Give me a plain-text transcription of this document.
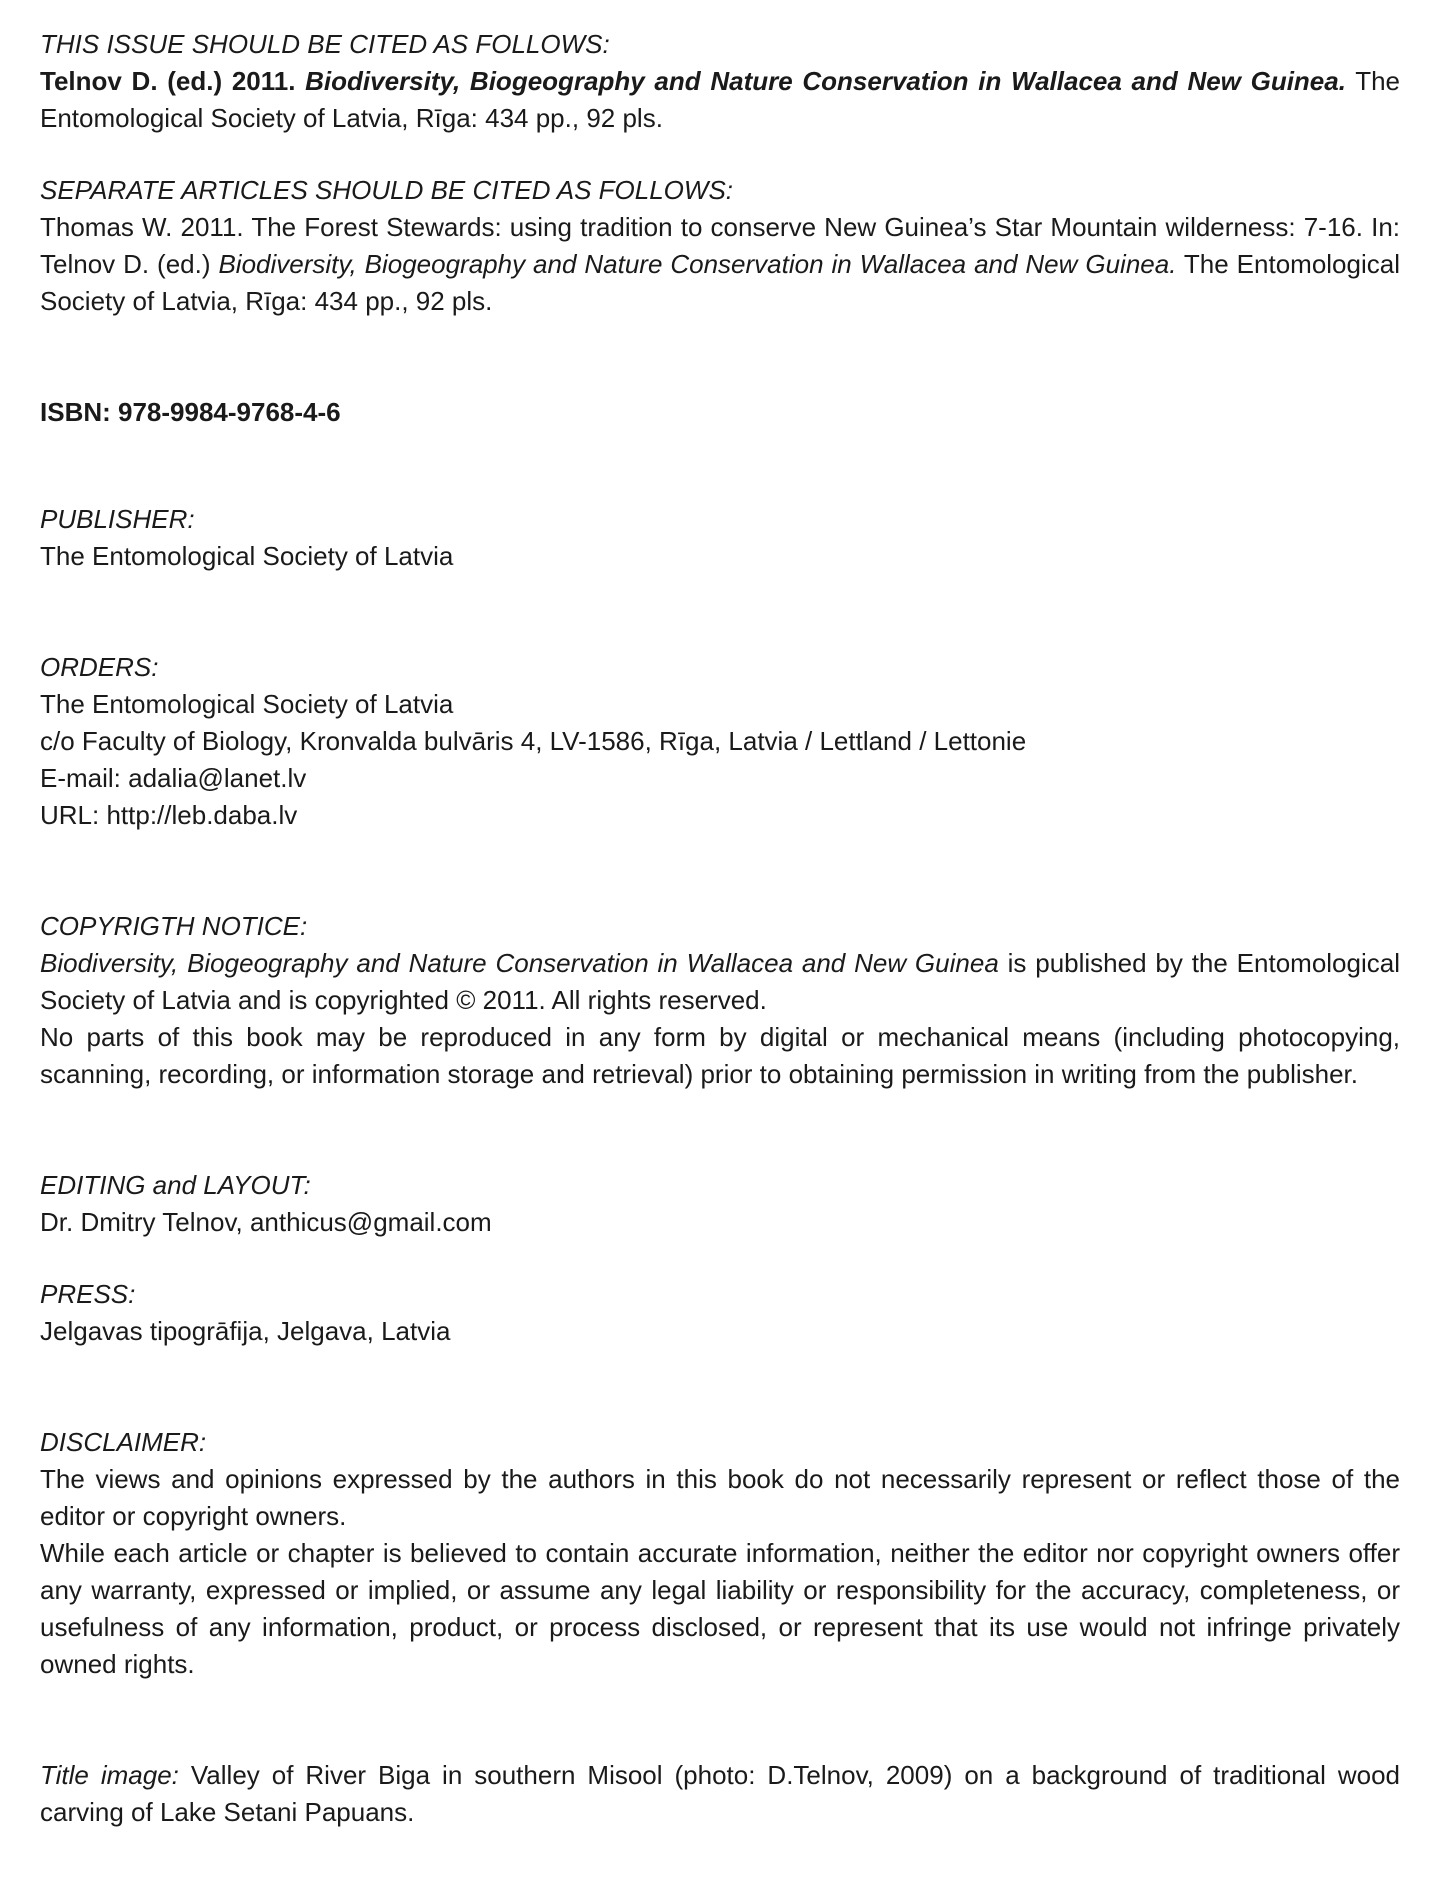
THIS ISSUE SHOULD BE CITED AS FOLLOWS:

Telnov D. (ed.) 2011. Biodiversity, Biogeography and Nature Conservation in Wallacea and New Guinea. The Entomological Society of Latvia, Rīga: 434 pp., 92 pls.

SEPARATE ARTICLES SHOULD BE CITED AS FOLLOWS:

Thomas W. 2011. The Forest Stewards: using tradition to conserve New Guinea’s Star Mountain wilderness: 7-16. In: Telnov D. (ed.) Biodiversity, Biogeography and Nature Conservation in Wallacea and New Guinea. The Entomological Society of Latvia, Rīga: 434 pp., 92 pls.

ISBN: 978-9984-9768-4-6

PUBLISHER:

The Entomological Society of Latvia

ORDERS:

The Entomological Society of Latvia

c/o Faculty of Biology, Kronvalda bulvāris 4, LV-1586, Rīga, Latvia / Lettland / Lettonie

E-mail: adalia@lanet.lv

URL: http://leb.daba.lv

COPYRIGTH NOTICE:

Biodiversity, Biogeography and Nature Conservation in Wallacea and New Guinea is published by the Entomological Society of Latvia and is copyrighted © 2011. All rights reserved.

No parts of this book may be reproduced in any form by digital or mechanical means (including photocopying, scanning, recording, or information storage and retrieval) prior to obtaining permission in writing from the publisher.

EDITING and LAYOUT:

Dr. Dmitry Telnov, anthicus@gmail.com

PRESS:

Jelgavas tipogrāfija, Jelgava, Latvia

DISCLAIMER:

The views and opinions expressed by the authors in this book do not necessarily represent or reflect those of the editor or copyright owners.

While each article or chapter is believed to contain accurate information, neither the editor nor copyright owners offer any warranty, expressed or implied, or assume any legal liability or responsibility for the accuracy, completeness, or usefulness of any information, product, or process disclosed, or represent that its use would not infringe privately owned rights.

Title image: Valley of River Biga in southern Misool (photo: D.Telnov, 2009) on a background of traditional wood carving of Lake Setani Papuans.
